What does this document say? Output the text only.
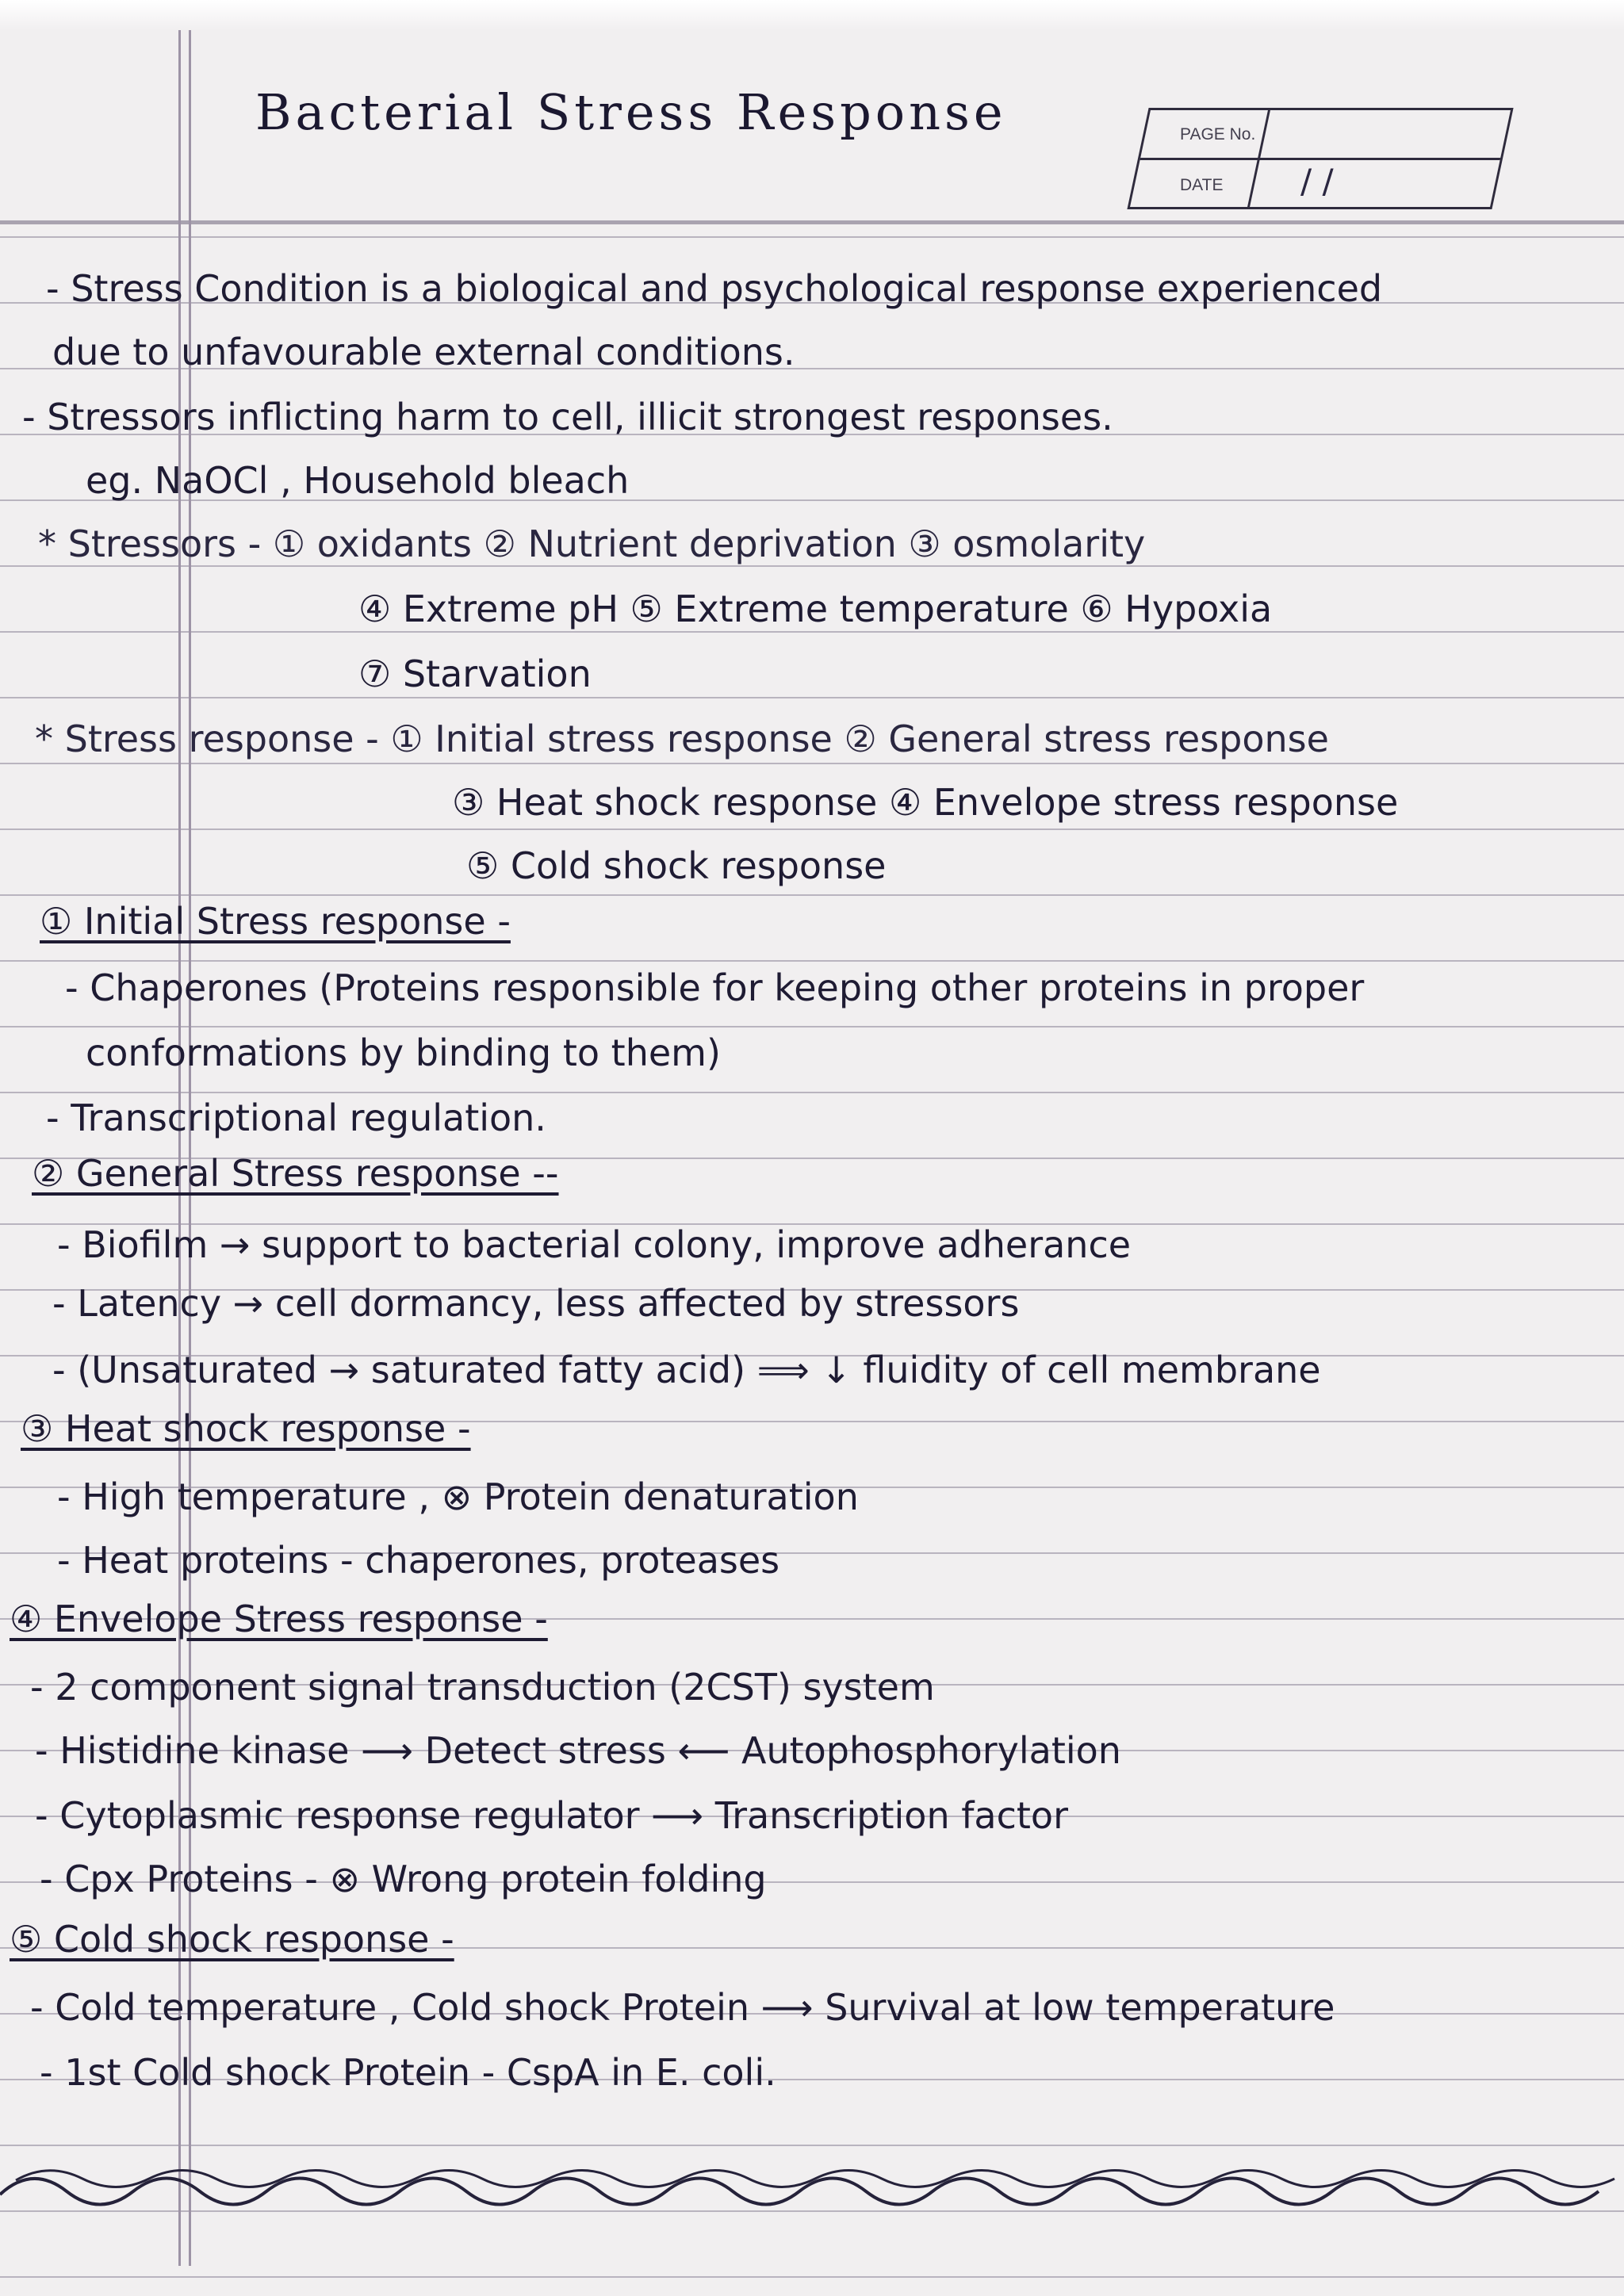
Bacterial Stress Response	PAGE No.
DATE / /
- Stress Condition is a biological and psychological response experienced
due to unfavourable external conditions.
- Stressors inflicting harm to cell, illicit strongest responses.
eg. NaOCl , Household bleach
* Stressors - ① oxidants ② Nutrient deprivation ③ osmolarity
④ Extreme pH ⑤ Extreme temperature ⑥ Hypoxia
⑦ Starvation
* Stress response - ① Initial stress response ② General stress response
③ Heat shock response ④ Envelope stress response
⑤ Cold shock response
① Initial Stress response -
- Chaperones (Proteins responsible for keeping other proteins in proper
conformations by binding to them)
- Transcriptional regulation.
② General Stress response --
- Biofilm → support to bacterial colony, improve adherance
- Latency → cell dormancy, less affected by stressors
- (Unsaturated → saturated fatty acid) ⟹ ↓ fluidity of cell membrane
③ Heat shock response -
- High temperature , ⊗ Protein denaturation
- Heat proteins - chaperones, proteases
④ Envelope Stress response -
- 2 component signal transduction (2CST) system
- Histidine kinase ⟶ Detect stress ⟵ Autophosphorylation
- Cytoplasmic response regulator ⟶ Transcription factor
- Cpx Proteins - ⊗ Wrong protein folding
⑤ Cold shock response -
- Cold temperature , Cold shock Protein ⟶ Survival at low temperature
- 1st Cold shock Protein - CspA in E. coli.
